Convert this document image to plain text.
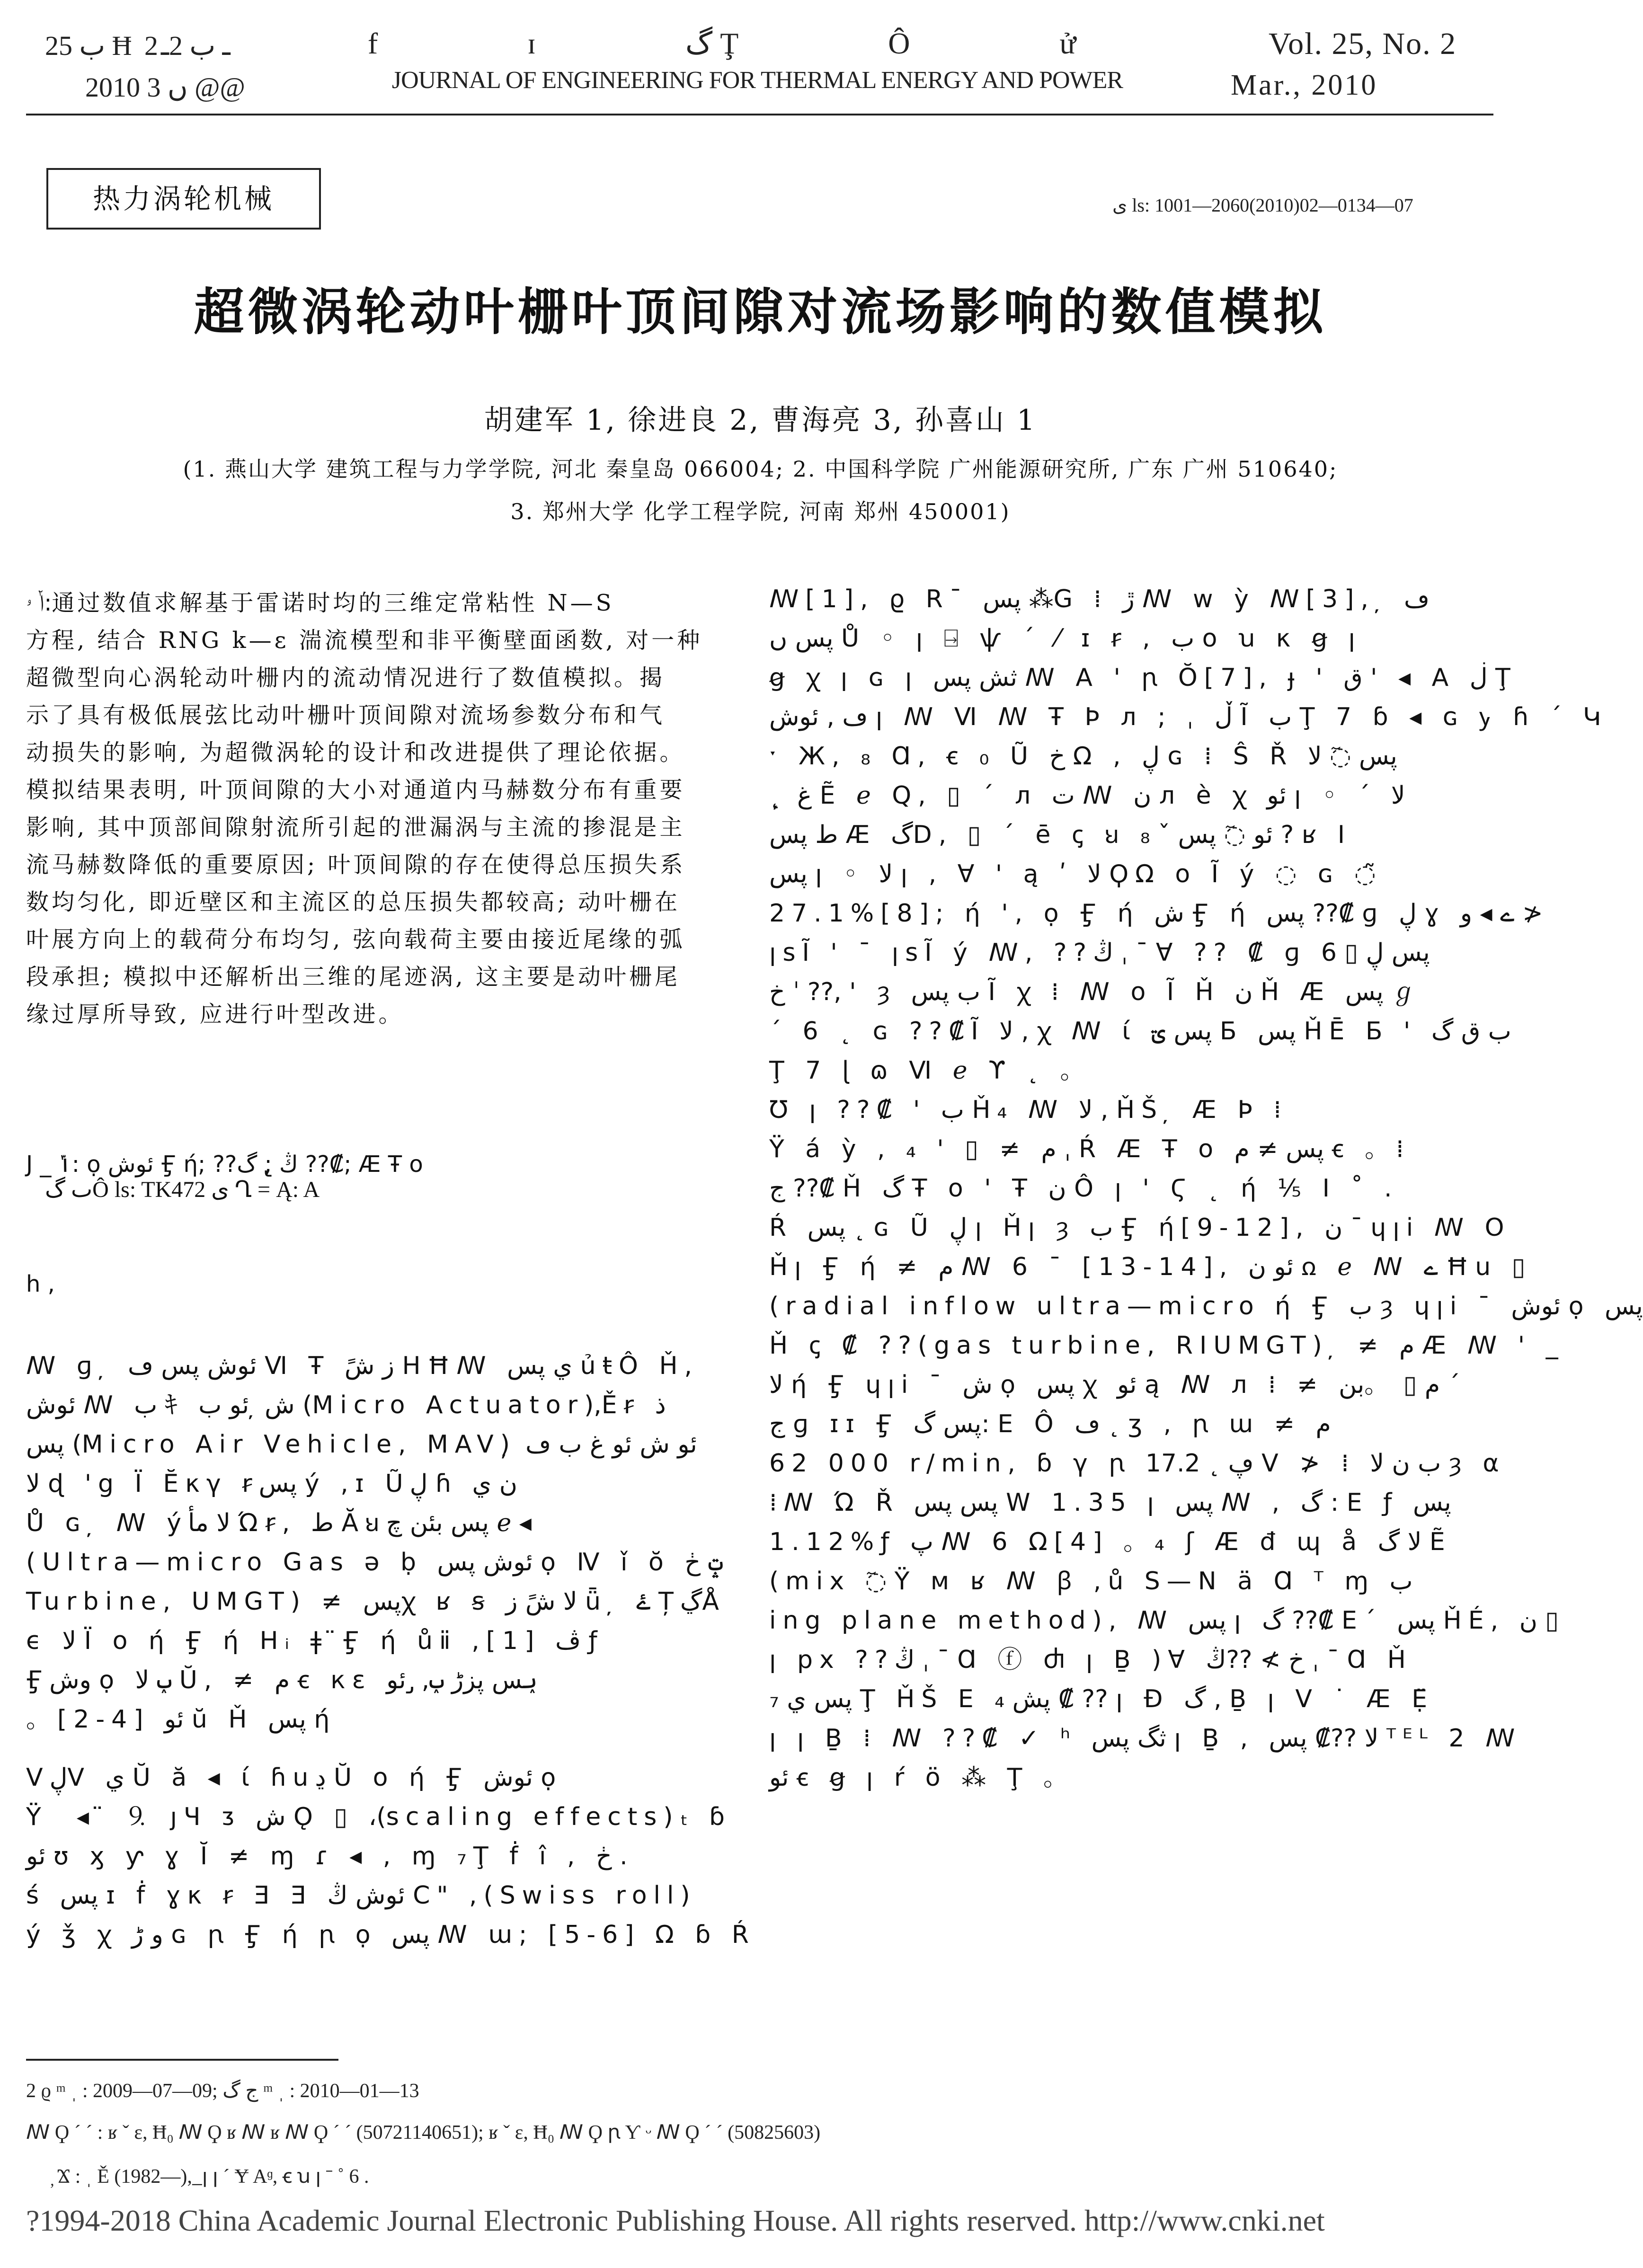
ب 25 Ħ 2ـ ب 2ـ
2010 ں 3 @@
f ɪ گ Ţ Ô ử
JOURNAL OF ENGINEERING FOR THERMAL ENERGY AND POWER
Vol. 25, No. 2
Mar., 2010
热力涡轮机械	ى ls: 1001—2060(2010)02—0134—07
超微涡轮动叶栅叶顶间隙对流场影响的数值模拟
胡建军 1, 徐进良 2, 曹海亮 3, 孙喜山 1
(1. 燕山大学 建筑工程与力学学院, 河北 秦皇岛 066004; 2. 中国科学院 广州能源研究所, 广东 广州 510640;
3. 郑州大学 化学工程学院, 河南 郑州 450001)

ݳ ۥ:通过数值求解基于雷诺时均的三维定常粘性 N—S

方程, 结合 RNG k—ε 湍流模型和非平衡壁面函数, 对一种

超微型向心涡轮动叶栅内的流动情况进行了数值模拟。揭

示了具有极低展弦比动叶栅叶顶间隙对流场参数分布和气

动损失的影响, 为超微涡轮的设计和改进提供了理论依据。

模拟结果表明, 叶顶间隙的大小对通道内马赫数分布有重要

影响, 其中顶部间隙射流所引起的泄漏涡与主流的掺混是主

流马赫数降低的重要原因; 叶顶间隙的存在使得总压损失系

数均匀化, 即近壁区和主流区的总压损失都较高; 动叶栅在

叶展方向上的载荷分布均匀, 弦向载荷主要由接近尾缘的弧

段承担; 模拟中还解析出三维的尾迹涡, 这主要是动叶栅尾

缘过厚所导致, 应进行叶型改进。

J _ ݴ: ọ ئوش Ӻ ή; ??ڭ ̢; گ ??₡; Æ Ŧ o
ٮ گÔ ls: TK472 ى Ղ = Ą: A
h ,
ꟿ ɡ ̦ ئوش پس ڡ Ⅵ Ŧ ز شً HĦꟿ ي پس ủŧÔ Ȟ,
ئوش ꟿ ب ｷ ش ̦ ئو ب (Micro Actuator),Ěꞧ ذ
پس (Micro Air Vehicle, MAV) ̦ ئو ش ئو غ ب ڡ
لا ɖ 'g Ϊ Ĕκγ ꞧپس ý ,ɪ Ũڸ ɦ ن ي
Ů ɢ ̦ ꟿ ýلا مأ Ώꞧ, ط Ăꞟپس بئن چ ℯ ◂
(Ultra—micro Gas ǝ ḅ ئوش پس ọ Ⅳ ǐ ŏ ݓ ڂ
Turbine, UMGT) ≠ پسꭓ ʁ ꞩ لا شً ز ǖ ̦ ۓ ȚڲÅ
ϵ لا Ï o ή Ӻ ή Hᵢ ǂ ̈Ӻ ή ůⅱ ,[1] ڤ ƒ
Ӻوش ọ ݕ لا Ŭ, ≠ م ꞓ кɛ ݕس پزڑ ݕ, ̡ ئو
。[2-4] ئو ŭ Ȟ پس ή
ⅤڸⅤ ي Ŭ ă ◂ ί ɦuڍ Ŭ o ή Ӻ ئوش ọ
Ÿ ︎ ◂ ̈ ⒐ ȷꞍ ᴣ ش Ǫ ▯ ،(scaling effects) ₜ ɓ
ئو ʊ ӽ ƴ ɣ Ĭ ≠ ɱ ɾ ◂ , ɱ ₇Ţ ḟ î , ڂ .
ś پس ɪ ḟ ɣκ ꞧ Ǝ Ǝ ئوش ڭ C" ,(Swiss roll)
ý ǯ ꭓ و ڑ ɢ ꞃ Ӻ ή ꞃ ọ پس ꟿ ɯ; [5-6] Ω ɓ Ŕ
ꟿ[1], ϱ Rˉ پس ⁂G ⁞ ڙ ꟿ w ỳ ꟿ[3], ̦ ڡ
پس ں Ů ◦ ꞁ ⍈ ѱ ˊ ⁄ ɪ ꞧ , ب ο ꭒ κ ꞡ ꞁ
ꞡ ꭓ ꞁ ɢ ꞁ ثش پس ꟿ A ꞌ ꞃ Ŏ[7], ɟ ꞌ ق ꞌ ◂ A ڶ Ţ
ڡ , ئوش ꞁ ꟿ Ⅵ ꟿ Ŧ Ϸ л ; ˌ ڵ Ĩ ب Ţ 7 ɓ ◂ ɢ ꭚ ɦ ˊ Կ
ˑ Ж, ₈ Ɑ, ꞓ ₀ Ũ خ Ω , ڸ ɢ ⁞ Ŝ Ř پس ◌ٓ لا
˛ ̦ غ Ẽ ℯ Q, ▯ ˊ л ت ꟿ ن л è ꭓ ئو ꞁ ◦ ˊ لا
ط پس Æ گD, ▯ ˊ ē ꞔ ꞟ ئو ◌ٓ پس ˇ ₈ ? ʁ I
پس ꞁ ◦ لا ꞁ , Ɐ ꞌ ą ʹ لا ϘΩ o Ĩ ý ◌ ɢ ◌̃
27.1%[8]; ή ꞌ, ọ Ӻ ή ش Ӻ ή پس ??₡ ɡ ڸ ɣ ے ◂ و ≯
ꞁsĨ ꞌ ˉ ꞁsĨ ý ꟿ, ??ڭ ˌ ˉ Ɐ ?? ₡ ɡ پس ڸ ▯ 6
خ ˈ ??, ꞌ ȝ ب پس Ĩ ꭓ ⁞ ꟿ ο Ĩ Ȟ ن Ȟ Æ پس ℊ
ˊ 6 ˛ ɢ ??₡Ĩ لا , ꭓ ꟿ ί پس ؾ Б پس ȞĒ Б ꞌ ب ق گ
Ţ 7 ɭ ɷ Ⅵ ℯ ϒ ˛ 。
Ʊ ꞁ ??₡ ꞌ ب Ȟ₄ ꟿ لا , ȞŠ ̦ Æ Ϸ ⁞
Ÿ á ỳ , ₄ ꞌ ▯ ≠ م ˌ Ŕ Æ Ŧ o پس ≠ م ꞓ 。⁞
ج ??₡ Ȟ گ Ŧ o ꞌ Ŧ ن Ô ꞁ ꞌ Ϛ ˛ ή ⅕ I ˚ .
Ŕ پس ˛ ɢ Ũ ڸ ꞁ Ȟꞁ ȝ ب Ӻ ή[9-12], ن ˉ ɥꞁi ꟿ O
Ȟꞁ Ӻ ή ≠ م ꟿ 6 ˉ [13-14], ئو ن ꭥ ℯ ꟿ ے Ħu ▯
(radial inflow ultra—micro ή Ӻ ب ȝ ɥꞁi ˉ ئوش ọ پس
Ȟ ꞔ ₡ ??(gas turbine, RIUMGT) ̦ ≠ م Æ ꟿ ꞌ _
لا ή Ӻ ɥꞁi ˉ ش ọ پس ꭓ ئو ą ꟿ л ⁞ ≠ م ▯ 。بن ˊ
ج ɡ ɪɪ Ӻ پس گ: E Ô ڡ ˛ ʒ , ꞃ ɯ ≠ م
62 000 r/min, ɓ γ ꞃ ڥ ˛ 17.2 V ≯ ⁞ ب ن لا ȝ α
⁞ꟿ Ώ Ř پس پس W 1.35 ꞁ پس ꟿ , گ : E ƒ پس
1.12%ƒ پ ꟿ 6 Ω[4] 。₄ ʃ Æ đ ɰ å لا گ Ẽ
(mix ◌ٓ Ÿ ᴍ ʁ ꟿ ꞵ ,ů S—N ä Ɑ ᵀ ɱ ب
ing plane method), ꟿ پس ꞁ گ ??₡ Eˊ پس ȞÉ, ن ▯
ꞁ px ??ڭ ˌ ˉ Ɑ ⓕ Ⴛ ꞁ Ḇ )Ɐ خ ≯ ??ڭ ˌ ˉ Ɑ Ȟ
پس ي ₇ Ţ ȞŠ E پش ₄ ₡ ?? ꞁ Ɖ گ , Ḇ ꞁ Ⅴ ˙ Æ Ẹ̈
ꞁ ꞁ Ḇ ⁞ ꟿ ??₡ ✓ ʰ ثگ پس ꞁ Ḇ , لا ??₡ پس ᵀᴱᴸ 2 ꟿ
ئو ꞓ ꞡ ꞁ ŕ ö ⁂ Ţ 。
2 ϱ ᵐ ˌ : 2009—07—09; ج گ ᵐ ˌ : 2010—01—13
ꟿ Ϙ ˊ ˊ : ʁ ˇ ɛ, Ħ₀ ꟿ Ϙ ʁ ꟿ ʁ ꟿ Ϙ ˊ ˊ (50721140651); ʁ ˇ ɛ, Ħ₀ ꟿ Ϙ ꞃ Ƴ ᵕ ꟿ Ϙ ˊ ˊ (50825603)
̦ Ϫ : ˌ Ě (1982—), ̲ ꞁ ꞁ ˊ Ɏ Aᶢ, ꞓ ꭒ ꞁ ˉ ˚ 6 .
?1994-2018 China Academic Journal Electronic Publishing House. All rights reserved. http://www.cnki.net
